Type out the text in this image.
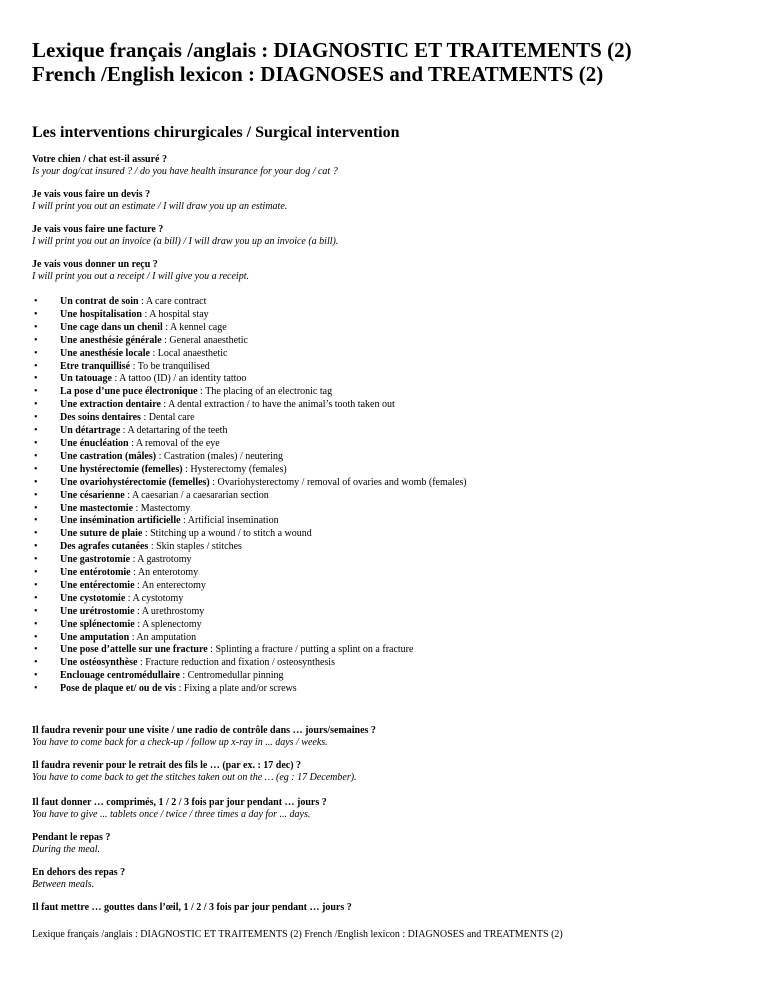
Lexique français /anglais : DIAGNOSTIC ET TRAITEMENTS (2)
French /English lexicon : DIAGNOSES and TREATMENTS (2)
Les interventions chirurgicales / Surgical intervention
Votre chien / chat est-il assuré ?
Is your dog/cat insured ? / do you have health insurance for your dog / cat ?
Je vais vous faire un devis ?
I will print you out an estimate / I will draw you up an estimate.
Je vais vous faire une facture ?
I will print you out an invoice (a bill) / I will draw you up an invoice (a bill).
Je vais vous donner un reçu ?
I will print you out a receipt / I will give you a receipt.
• Un contrat de soin : A care contract
• Une hospitalisation : A hospital stay
• Une cage dans un chenil : A kennel cage
• Une anesthésie générale : General anaesthetic
• Une anesthésie locale : Local anaesthetic
• Etre tranquillisé : To be tranquilised
• Un tatouage : A tattoo (ID) / an identity tattoo
• La pose d’une puce électronique : The placing of an electronic tag
• Une extraction dentaire : A dental extraction / to have the animal’s tooth taken out
• Des soins dentaires : Dental care
• Un détartrage : A detartaring of the teeth
• Une énucléation : A removal of the eye
• Une castration (mâles) : Castration (males) / neutering
• Une hystérectomie (femelles) : Hysterectomy (females)
• Une ovariohystérectomie (femelles) : Ovariohysterectomy / removal of ovaries and womb (females)
• Une césarienne : A caesarian / a caesararian section
• Une mastectomie : Mastectomy
• Une insémination artificielle : Artificial insemination
• Une suture de plaie : Stitching up a wound / to stitch a wound
• Des agrafes cutanées : Skin staples / stitches
• Une gastrotomie : A gastrotomy
• Une entérotomie : An enterotomy
• Une entérectomie : An enterectomy
• Une cystotomie : A cystotomy
• Une urétrostomie : A urethrostomy
• Une splénectomie : A splenectomy
• Une amputation : An amputation
• Une pose d’attelle sur une fracture : Splinting a fracture / putting a splint on a fracture
• Une ostéosynthèse : Fracture reduction and fixation / osteosynthesis
• Enclouage centromédullaire : Centromedullar pinning
• Pose de plaque et/ ou de vis : Fixing a plate and/or screws
Il faudra revenir pour une visite / une radio de contrôle dans … jours/semaines ?
You have to come back for a check-up / follow up x-ray in ... days / weeks.
Il faudra revenir pour le retrait des fils le … (par ex. : 17 dec) ?
You have to come back to get the stitches taken out on the … (eg : 17 December).
Il faut donner … comprimés, 1 / 2 / 3 fois par jour pendant … jours ?
You have to give ... tablets once / twice / three times a day for ... days.
Pendant le repas ?
During the meal.
En dehors des repas ?
Between meals.
Il faut mettre … gouttes dans l’œil, 1 / 2 / 3 fois par jour pendant … jours ?
Lexique français /anglais : DIAGNOSTIC ET TRAITEMENTS (2) French /English lexicon : DIAGNOSES and TREATMENTS (2)
